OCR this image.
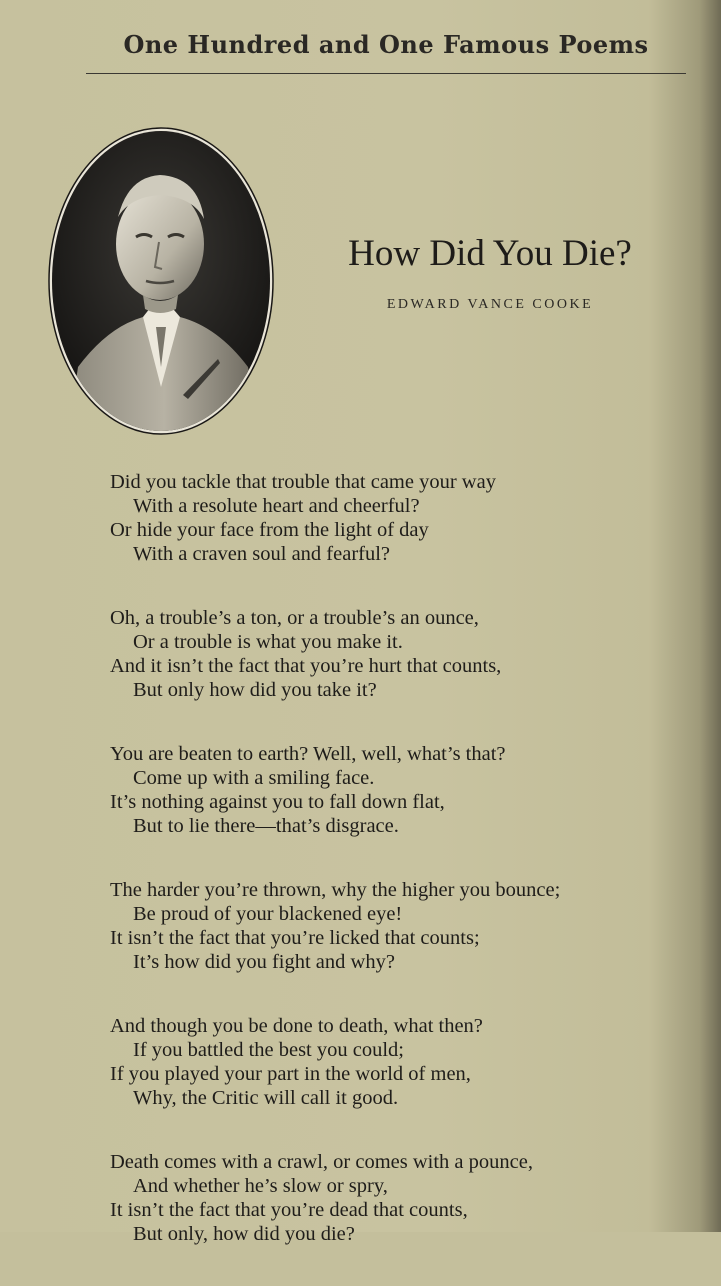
One Hundred and One Famous Poems
How Did You Die?
EDWARD VANCE COOKE
Did you tackle that trouble that came your way
With a resolute heart and cheerful?
Or hide your face from the light of day
With a craven soul and fearful?
Oh, a trouble’s a ton, or a trouble’s an ounce,
Or a trouble is what you make it.
And it isn’t the fact that you’re hurt that counts,
But only how did you take it?
You are beaten to earth? Well, well, what’s that?
Come up with a smiling face.
It’s nothing against you to fall down flat,
But to lie there—that’s disgrace.
The harder you’re thrown, why the higher you bounce;
Be proud of your blackened eye!
It isn’t the fact that you’re licked that counts;
It’s how did you fight and why?
And though you be done to death, what then?
If you battled the best you could;
If you played your part in the world of men,
Why, the Critic will call it good.
Death comes with a crawl, or comes with a pounce,
And whether he’s slow or spry,
It isn’t the fact that you’re dead that counts,
But only, how did you die?
